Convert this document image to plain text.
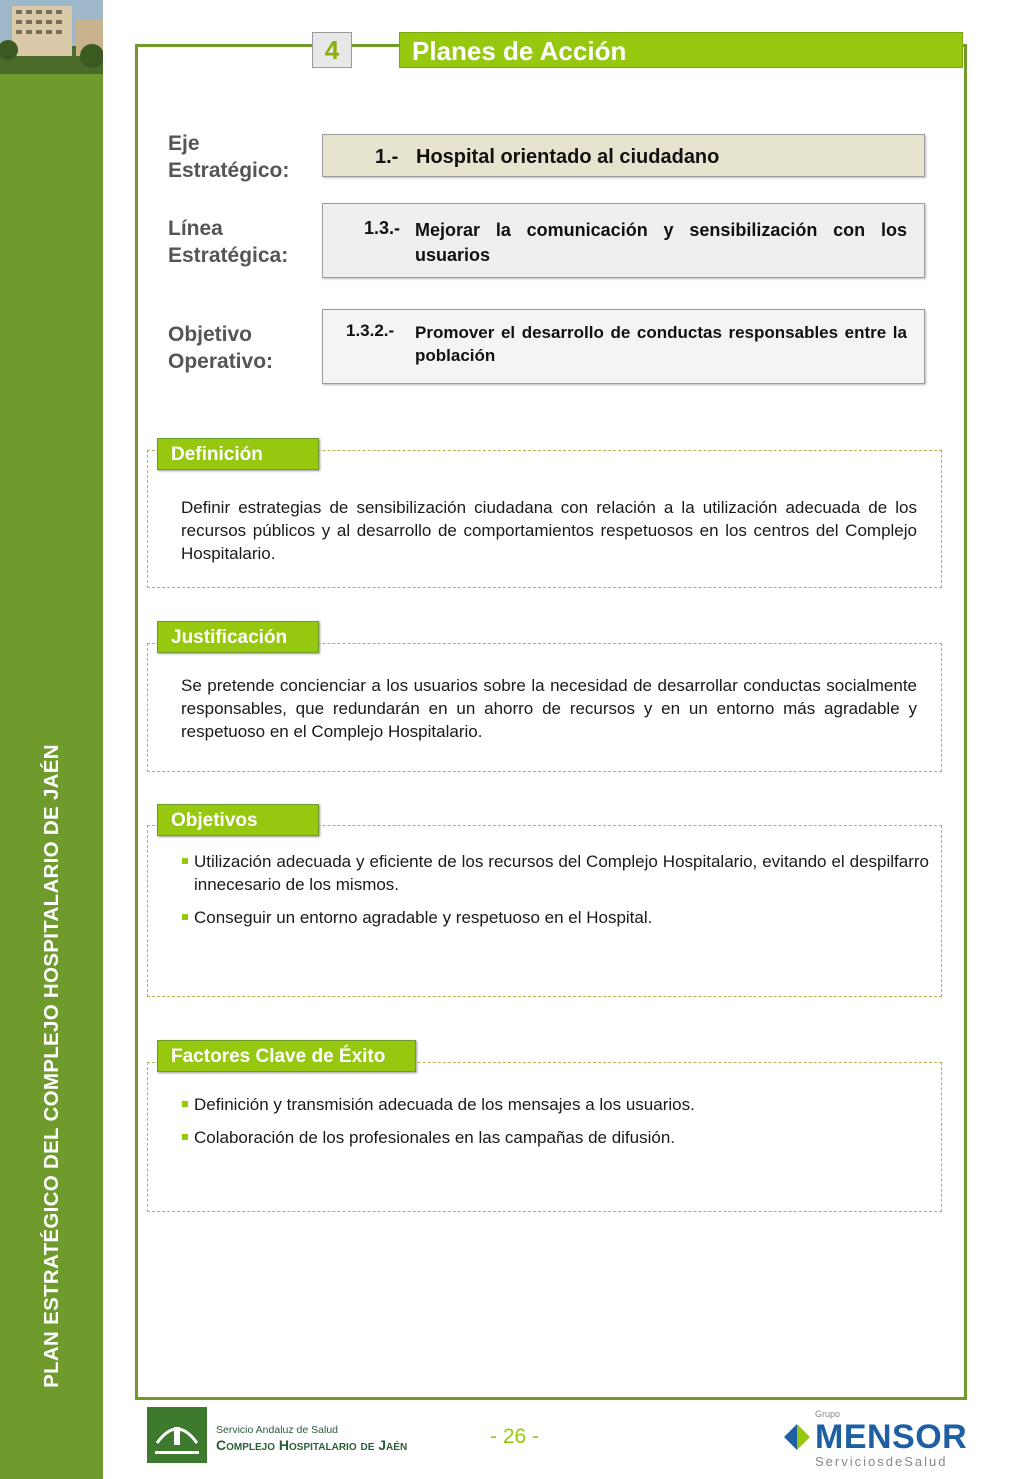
PLAN ESTRATÉGICO DEL COMPLEJO HOSPITALARIO DE JAÉN
4	Planes de Acción
Eje Estratégico:
1.- Hospital orientado al ciudadano
Línea Estratégica:
1.3.- Mejorar la comunicación y sensibilización con los usuarios
Objetivo Operativo:
1.3.2.- Promover el desarrollo de conductas responsables entre la población
Definición
Definir estrategias de sensibilización ciudadana con relación a la utilización adecuada de los recursos públicos y al desarrollo de comportamientos respetuosos en los centros del Complejo Hospitalario.
Justificación
Se pretende concienciar a los usuarios sobre la necesidad de desarrollar conductas socialmente responsables, que redundarán en un ahorro de recursos y en un entorno más agradable y respetuoso en el Complejo Hospitalario.
Objetivos
Utilización adecuada y eficiente de los recursos del Complejo Hospitalario, evitando el despilfarro innecesario de los mismos.
Conseguir un entorno agradable y respetuoso en el Hospital.
Factores Clave de Éxito
Definición y transmisión adecuada de los mensajes a los usuarios.
Colaboración de los profesionales en las campañas de difusión.
Servicio Andaluz de Salud
Complejo Hospitalario de Jaén	- 26 -
Grupo
MENSOR
ServiciosdeSalud
